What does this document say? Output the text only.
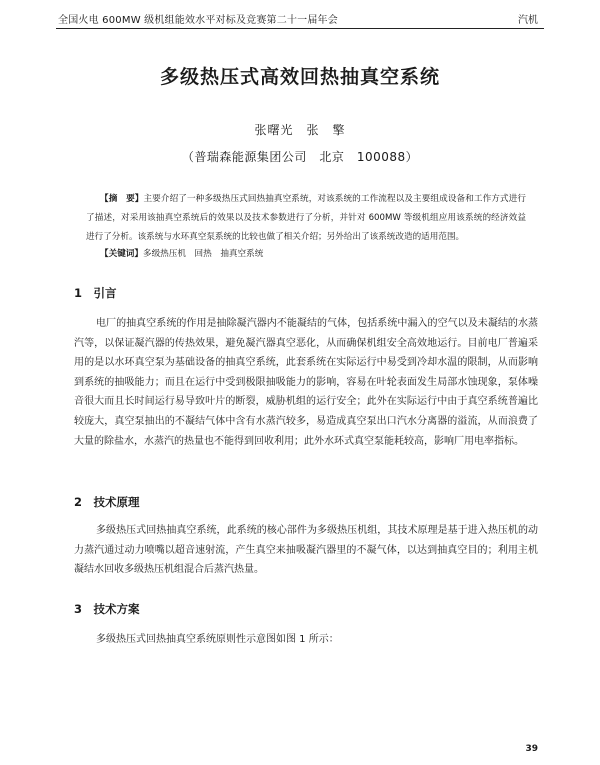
全国火电 600MW 级机组能效水平对标及竞赛第二十一届年会	汽机
多级热压式高效回热抽真空系统
张曙光　张　擎
（普瑞森能源集团公司　北京　100088）
【摘　要】主要介绍了一种多级热压式回热抽真空系统，对该系统的工作流程以及主要组成设备和工作方式进行了描述，对采用该抽真空系统后的效果以及技术参数进行了分析，并针对 600MW 等级机组应用该系统的经济效益进行了分析。该系统与水环真空泵系统的比较也做了相关介绍；另外给出了该系统改造的适用范围。
【关键词】多级热压机　回热　抽真空系统
1　引言
电厂的抽真空系统的作用是抽除凝汽器内不能凝结的气体，包括系统中漏入的空气以及未凝结的水蒸汽等，以保证凝汽器的传热效果，避免凝汽器真空恶化，从而确保机组安全高效地运行。目前电厂普遍采用的是以水环真空泵为基础设备的抽真空系统，此套系统在实际运行中易受到冷却水温的限制，从而影响到系统的抽吸能力；而且在运行中受到极限抽吸能力的影响，容易在叶轮表面发生局部水蚀现象，泵体噪音很大而且长时间运行易导致叶片的断裂，威胁机组的运行安全；此外在实际运行中由于真空系统普遍比较庞大，真空泵抽出的不凝结气体中含有水蒸汽较多，易造成真空泵出口汽水分离器的溢流，从而浪费了大量的除盐水，水蒸汽的热量也不能得到回收利用；此外水环式真空泵能耗较高，影响厂用电率指标。
2　技术原理
多级热压式回热抽真空系统，此系统的核心部件为多级热压机组，其技术原理是基于进入热压机的动力蒸汽通过动力喷嘴以超音速射流，产生真空来抽吸凝汽器里的不凝气体，以达到抽真空目的；利用主机凝结水回收多级热压机组混合后蒸汽热量。
3　技术方案
多级热压式回热抽真空系统原则性示意图如图 1 所示：
39
